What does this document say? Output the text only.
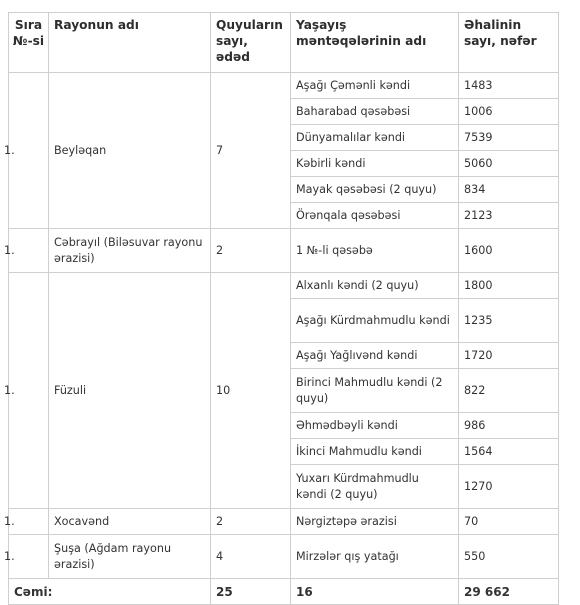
Sıra №-si	Rayonun adı	Quyuların sayı, ədəd	Yaşayış məntəqələrinin adı	Əhalinin sayı, nəfər
1.	Beyləqan	7	Aşağı Çəmənli kəndi	1483
			Baharabad qəsəbəsi	1006
			Dünyamalılar kəndi	7539
			Kəbirli kəndi	5060
			Mayak qəsəbəsi (2 quyu)	834
			Örənqala qəsəbəsi	2123
1.	Cəbrayıl (Biləsuvar rayonu ərazisi)	2	1 №-li qəsəbə	1600
1.	Füzuli	10	Alxanlı kəndi (2 quyu)	1800
			Aşağı Kürdmahmudlu kəndi	1235
			Aşağı Yağlıvənd kəndi	1720
			Birinci Mahmudlu kəndi (2 quyu)	822
			Əhmədbəyli kəndi	986
			İkinci Mahmudlu kəndi	1564
			Yuxarı Kürdmahmudlu kəndi (2 quyu)	1270
1.	Xocavənd	2	Nərgiztəpə ərazisi	70
1.	Şuşa (Ağdam rayonu ərazisi)	4	Mirzələr qış yatağı	550
Cəmi:		25	16	29 662
